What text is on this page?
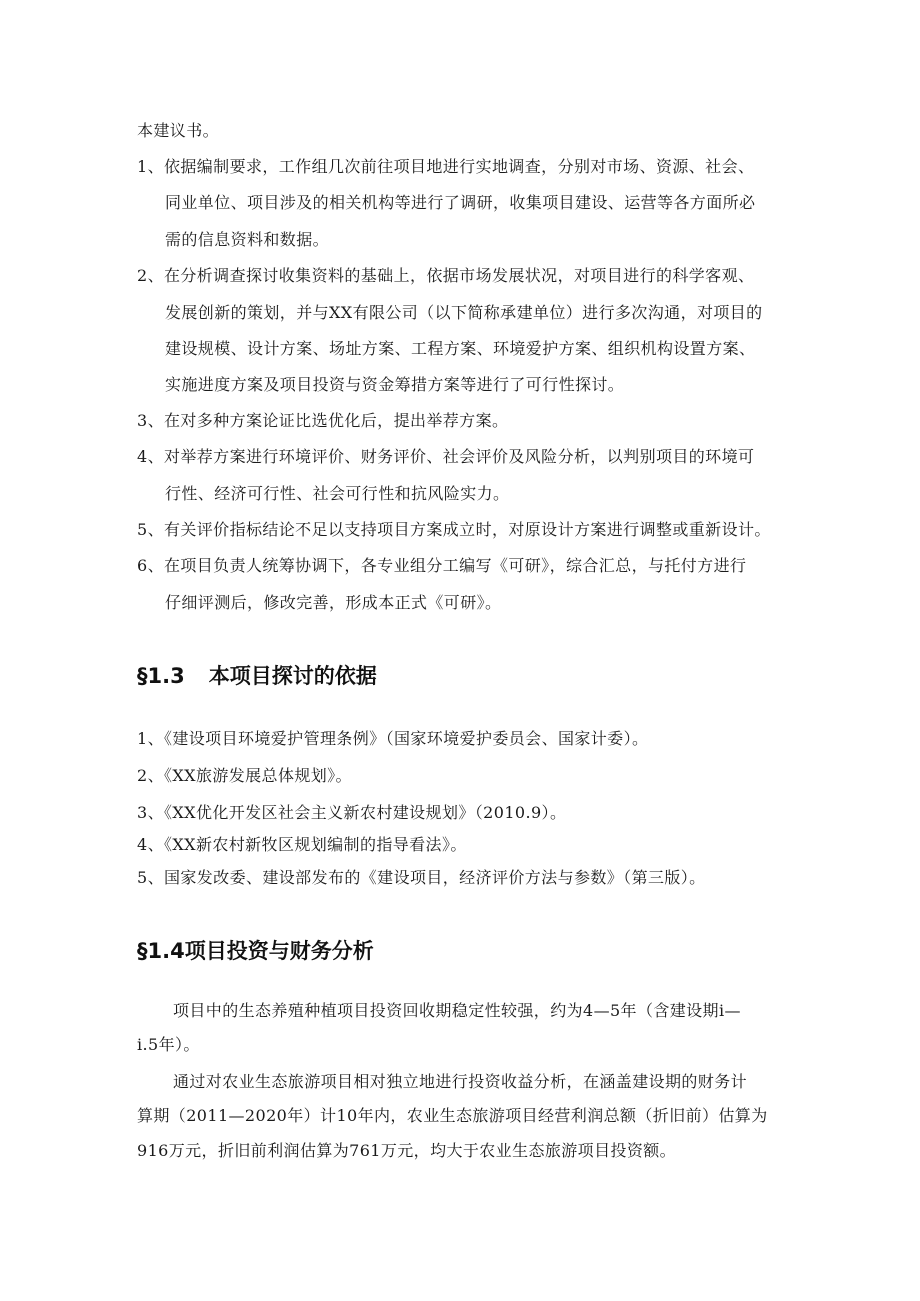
本建议书。
1、依据编制要求，工作组几次前往项目地进行实地调查，分别对市场、资源、社会、
同业单位、项目涉及的相关机构等进行了调研，收集项目建设、运营等各方面所必
需的信息资料和数据。
2、在分析调查探讨收集资料的基础上，依据市场发展状况，对项目进行的科学客观、
发展创新的策划，并与XX有限公司（以下简称承建单位）进行多次沟通，对项目的
建设规模、设计方案、场址方案、工程方案、环境爱护方案、组织机构设置方案、
实施进度方案及项目投资与资金筹措方案等进行了可行性探讨。
3、在对多种方案论证比选优化后，提出举荐方案。
4、对举荐方案进行环境评价、财务评价、社会评价及风险分析，以判别项目的环境可
行性、经济可行性、社会可行性和抗风险实力。
5、有关评价指标结论不足以支持项目方案成立时，对原设计方案进行调整或重新设计。
6、在项目负责人统筹协调下，各专业组分工编写《可研》，综合汇总，与托付方进行
仔细评测后，修改完善，形成本正式《可研》。
§1.3 本项目探讨的依据
1、《建设项目环境爱护管理条例》（国家环境爱护委员会、国家计委）。
2、《XX旅游发展总体规划》。
3、《XX优化开发区社会主义新农村建设规划》（2010.9）。
4、《XX新农村新牧区规划编制的指导看法》。
5、国家发改委、建设部发布的《建设项目，经济评价方法与参数》（第三版）。
§1.4项目投资与财务分析
项目中的生态养殖种植项目投资回收期稳定性较强，约为4—5年（含建设期i—
i.5年）。
通过对农业生态旅游项目相对独立地进行投资收益分析，在涵盖建设期的财务计
算期（2011—2020年）计10年内，农业生态旅游项目经营利润总额（折旧前）估算为
916万元，折旧前利润估算为761万元，均大于农业生态旅游项目投资额。
